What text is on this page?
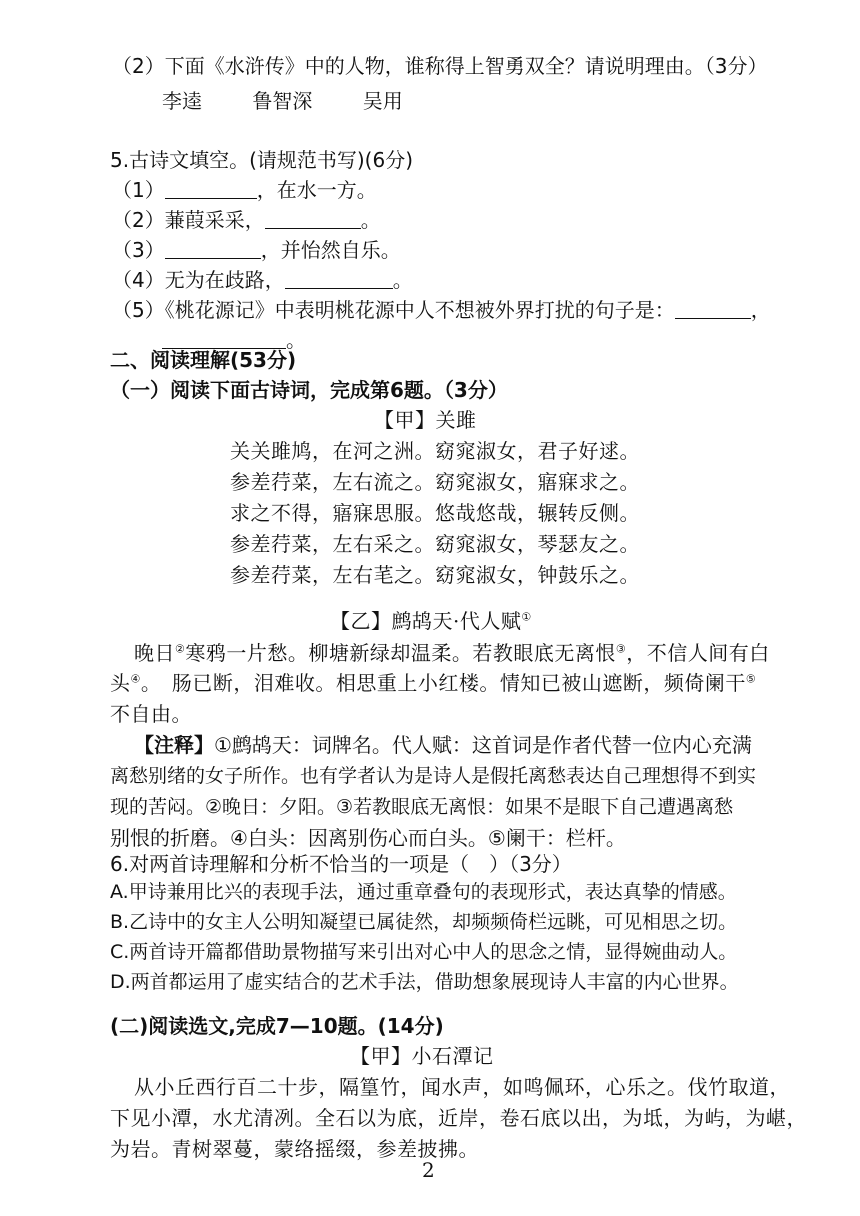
（2）下面《水浒传》中的人物，谁称得上智勇双全？请说明理由。（3分）
李逵	鲁智深	吴用
5.古诗文填空。(请规范书写)(6分)
（1）	，在水一方。
（2）蒹葭采采，	。
（3）	，并怡然自乐。
（4）无为在歧路，	。
（5）《桃花源记》中表明桃花源中人不想被外界打扰的句子是：	，
。
二、阅读理解(53分)
（一）阅读下面古诗词，完成第6题。（3分）
【甲】关雎
关关雎鸠，在河之洲。窈窕淑女，君子好逑。
参差荇菜，左右流之。窈窕淑女，寤寐求之。
求之不得，寤寐思服。悠哉悠哉，辗转反侧。
参差荇菜，左右采之。窈窕淑女，琴瑟友之。
参差荇菜，左右芼之。窈窕淑女，钟鼓乐之。
【乙】鹧鸪天·代人赋①
晚日②寒鸦一片愁。柳塘新绿却温柔。若教眼底无离恨③，不信人间有白
头④。　肠已断，泪难收。相思重上小红楼。情知已被山遮断，频倚阑干⑤
不自由。
【注释】①鹧鸪天：词牌名。代人赋：这首词是作者代替一位内心充满
离愁别绪的女子所作。也有学者认为是诗人是假托离愁表达自己理想得不到实
现的苦闷。②晚日：夕阳。③若教眼底无离恨：如果不是眼下自己遭遇离愁
别恨的折磨。④白头：因离别伤心而白头。⑤阑干：栏杆。
6.对两首诗理解和分析不恰当的一项是（　）（3分）
A.甲诗兼用比兴的表现手法，通过重章叠句的表现形式，表达真挚的情感。
B.乙诗中的女主人公明知凝望已属徒然，却频频倚栏远眺，可见相思之切。
C.两首诗开篇都借助景物描写来引出对心中人的思念之情，显得婉曲动人。
D.两首都运用了虚实结合的艺术手法，借助想象展现诗人丰富的内心世界。
(二)阅读选文,完成7—10题。(14分)
【甲】小石潭记
从小丘西行百二十步，隔篁竹，闻水声，如鸣佩环，心乐之。伐竹取道，
下见小潭，水尤清冽。全石以为底，近岸，卷石底以出，为坻，为屿，为嵁，
为岩。青树翠蔓，蒙络摇缀，参差披拂。
2
